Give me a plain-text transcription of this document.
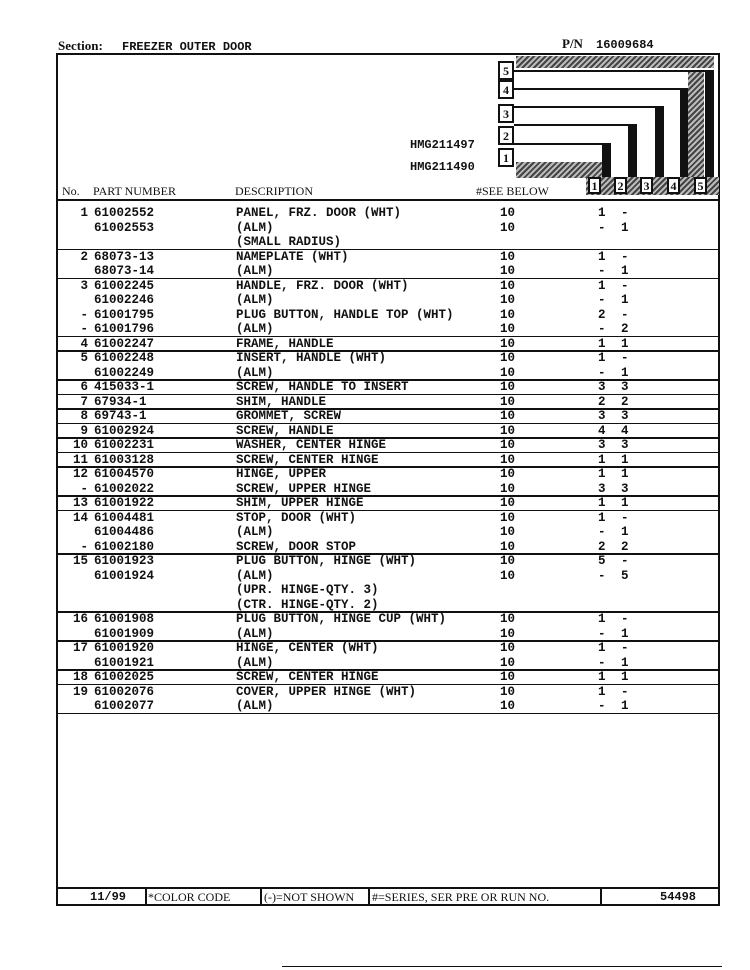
Section: FREEZER OUTER DOOR	P/N 16009684
5
4
3
2
1
HMG211497
HMG211490
No. PART NUMBER	DESCRIPTION	#SEE BELOW	1 2 3 4 5
1 61002552	PANEL, FRZ. DOOR (WHT)	10	1 -
61002553	(ALM)	10	- 1
(SMALL RADIUS)
2 68073-13	NAMEPLATE (WHT)	10	1 -
68073-14	(ALM)	10	- 1
3 61002245	HANDLE, FRZ. DOOR (WHT)	10	1 -
61002246	(ALM)	10	- 1
- 61001795	PLUG BUTTON, HANDLE TOP (WHT)	10	2 -
- 61001796	(ALM)	10	- 2
4 61002247	FRAME, HANDLE	10	1 1
5 61002248	INSERT, HANDLE (WHT)	10	1 -
61002249	(ALM)	10	- 1
6 415033-1	SCREW, HANDLE TO INSERT	10	3 3
7 67934-1	SHIM, HANDLE	10	2 2
8 69743-1	GROMMET, SCREW	10	3 3
9 61002924	SCREW, HANDLE	10	4 4
10 61002231	WASHER, CENTER HINGE	10	3 3
11 61003128	SCREW, CENTER HINGE	10	1 1
12 61004570	HINGE, UPPER	10	1 1
- 61002022	SCREW, UPPER HINGE	10	3 3
13 61001922	SHIM, UPPER HINGE	10	1 1
14 61004481	STOP, DOOR (WHT)	10	1 -
61004486	(ALM)	10	- 1
- 61002180	SCREW, DOOR STOP	10	2 2
15 61001923	PLUG BUTTON, HINGE (WHT)	10	5 -
61001924	(ALM)	10	- 5
(UPR. HINGE-QTY. 3)
(CTR. HINGE-QTY. 2)
16 61001908	PLUG BUTTON, HINGE CUP (WHT)	10	1 -
61001909	(ALM)	10	- 1
17 61001920	HINGE, CENTER (WHT)	10	1 -
61001921	(ALM)	10	- 1
18 61002025	SCREW, CENTER HINGE	10	1 1
19 61002076	COVER, UPPER HINGE (WHT)	10	1 -
61002077	(ALM)	10	- 1
11/99 *COLOR CODE	(-)=NOT SHOWN #=SERIES, SER PRE OR RUN NO.	54498
